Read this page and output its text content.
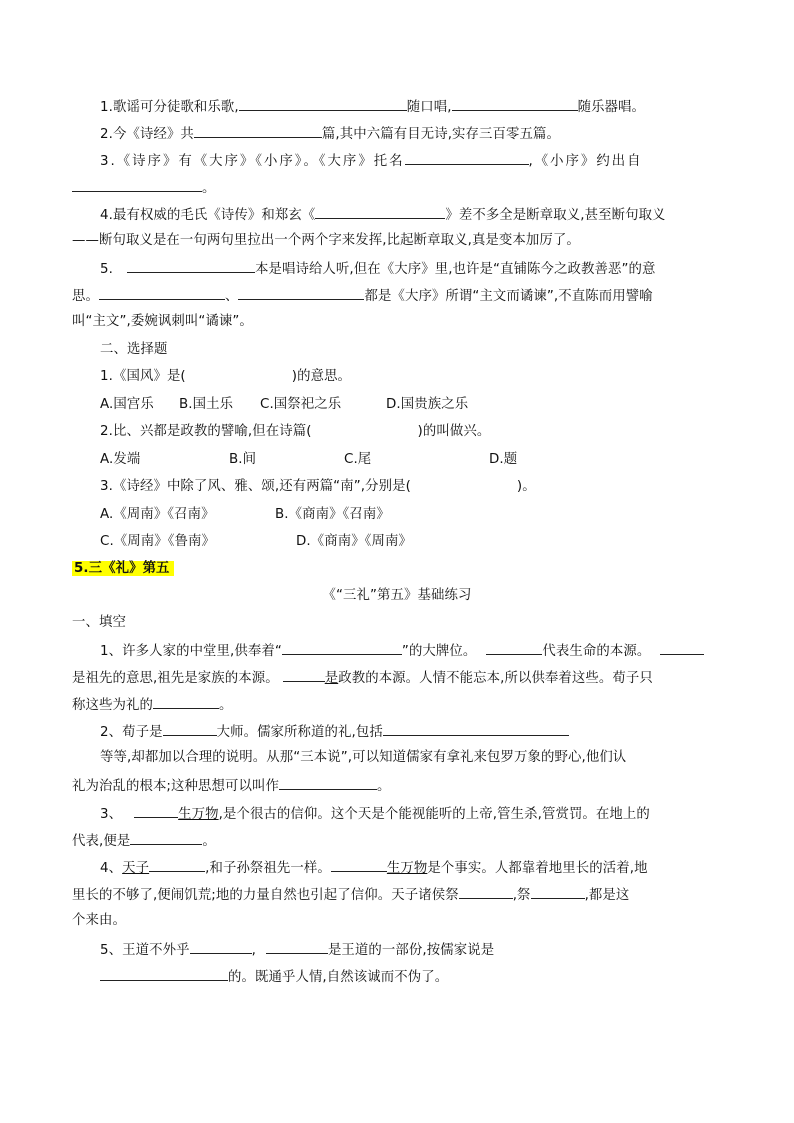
1.歌谣可分徒歌和乐歌,	随口唱,	随乐器唱。
2.今《诗经》共	篇,其中六篇有目无诗,实存三百零五篇。
3.《诗序》有《大序》《小序》。《大序》托名	,《小序》约出自
。
4.最有权威的毛氏《诗传》和郑玄《	》差不多全是断章取义,甚至断句取义
——断句取义是在一句两句里拉出一个两个字来发挥,比起断章取义,真是变本加厉了。
5.	本是唱诗给人听,但在《大序》里,也许是“直铺陈今之政教善恶”的意
思。	、	都是《大序》所谓“主文而谲谏”,不直陈而用譬喻
叫“主文”,委婉讽刺叫“谲谏”。
二、选择题
1.《国风》是(	)的意思。
A.国宫乐 B.国土乐 C.国祭祀之乐	D.国贵族之乐
2.比、兴都是政教的譬喻,但在诗篇(	)的叫做兴。
A.发端	B.间	C.尾	D.题
3.《诗经》中除了风、雅、颂,还有两篇“南”,分别是(	)。
A.《周南》《召南》	B.《商南》《召南》
C.《周南》《鲁南》	D.《商南》《周南》
5.三《礼》第五
《“三礼”第五》基础练习
一、填空
1、许多人家的中堂里,供奉着“	”的大牌位。	代表生命的本源。
是祖先的意思,祖先是家族的本源。	是政教的本源。人情不能忘本,所以供奉着这些。荀子只
称这些为礼的	。
2、荀子是	大师。儒家所称道的礼,包括
等等,却都加以合理的说明。从那“三本说”,可以知道儒家有拿礼来包罗万象的野心,他们认
礼为治乱的根本;这种思想可以叫作	。
3、	生万物,是个很古的信仰。这个天是个能视能听的上帝,管生杀,管赏罚。在地上的
代表,便是	。
4、天子	,和子孙祭祖先一样。	生万物是个事实。人都靠着地里长的活着,地
里长的不够了,便闹饥荒;地的力量自然也引起了信仰。天子诸侯祭	,祭	,都是这
个来由。
5、王道不外乎	,	是王道的一部份,按儒家说是
的。既通乎人情,自然该诚而不伪了。
